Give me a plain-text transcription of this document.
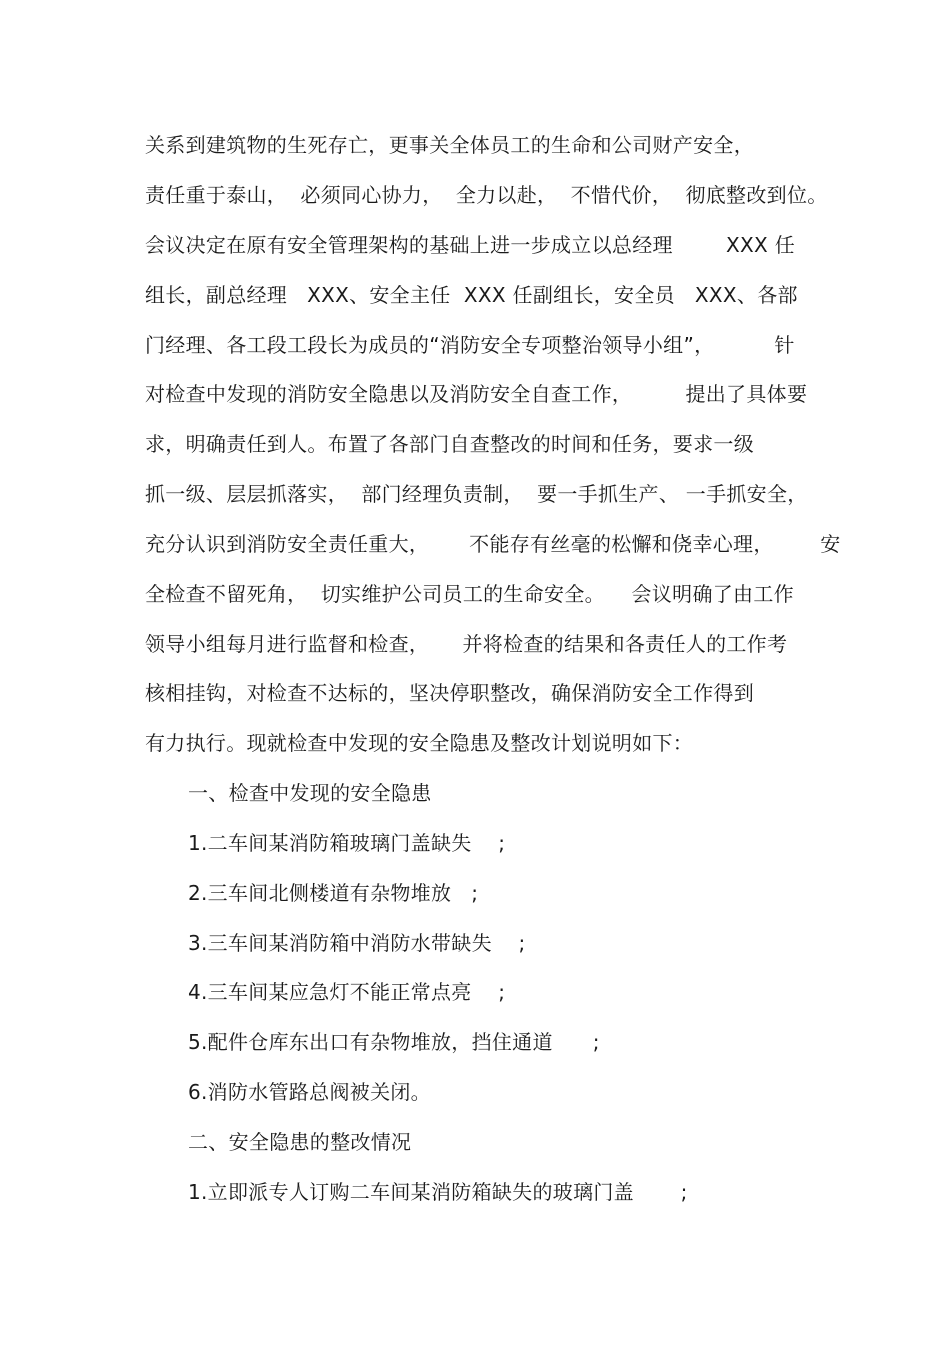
关系到建筑物的生死存亡，更事关全体员工的生命和公司财产安全，
责任重于泰山，  必须同心协力，  全力以赴，  不惜代价，  彻底整改到位。
会议决定在原有安全管理架构的基础上进一步成立以总经理        XXX 任
组长，副总经理   XXX、安全主任  XXX 任副组长，安全员   XXX、各部
门经理、各工段工段长为成员的“消防安全专项整治领导小组”，         针
对检查中发现的消防安全隐患以及消防安全自查工作，        提出了具体要
求，明确责任到人。布置了各部门自查整改的时间和任务，要求一级
抓一级、层层抓落实，  部门经理负责制，  要一手抓生产、 一手抓安全，
充分认识到消防安全责任重大，      不能存有丝毫的松懈和侥幸心理，       安
全检查不留死角，  切实维护公司员工的生命安全。    会议明确了由工作
领导小组每月进行监督和检查，     并将检查的结果和各责任人的工作考
核相挂钩，对检查不达标的，坚决停职整改，确保消防安全工作得到
有力执行。现就检查中发现的安全隐患及整改计划说明如下：
一、检查中发现的安全隐患
1.二车间某消防箱玻璃门盖缺失    ;
2.三车间北侧楼道有杂物堆放   ;
3.三车间某消防箱中消防水带缺失    ;
4.三车间某应急灯不能正常点亮    ;
5.配件仓库东出口有杂物堆放，挡住通道      ;
6.消防水管路总阀被关闭。
二、安全隐患的整改情况
1.立即派专人订购二车间某消防箱缺失的玻璃门盖       ;
